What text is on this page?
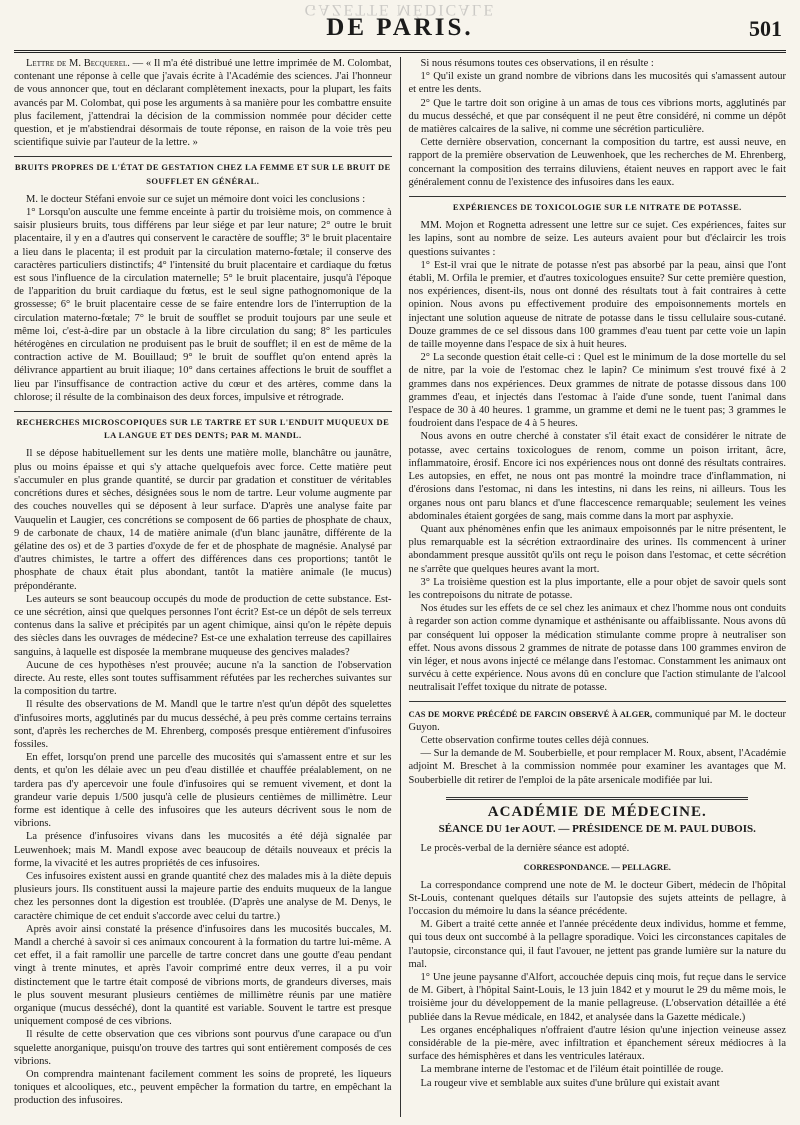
GAZETTE MÉDICALE
DE PARIS.	501

Lettre de M. Becquerel. — « Il m'a été distribué une lettre imprimée de M. Colombat, contenant une réponse à celle que j'avais écrite à l'Académie des sciences. J'ai l'honneur de vous annoncer que, tout en déclarant complètement inexacts, pour la plupart, les faits avancés par M. Colombat, qui pose les arguments à sa manière pour les combattre ensuite plus facilement, j'attendrai la décision de la commission nommée pour décider cette question, et je m'abstiendrai désormais de toute réponse, en raison de la voie très peu scientifique suivie par l'auteur de la lettre. »

BRUITS PROPRES DE L'ÉTAT DE GESTATION CHEZ LA FEMME ET SUR LE BRUIT DE SOUFFLET EN GÉNÉRAL.

M. le docteur Stéfani envoie sur ce sujet un mémoire dont voici les conclusions :

1° Lorsqu'on ausculte une femme enceinte à partir du troisième mois, on commence à saisir plusieurs bruits, tous différens par leur siége et par leur nature; 2° outre le bruit placentaire, il y en a d'autres qui conservent le caractère de souffle; 3° le bruit placentaire a lieu dans le placenta; il est produit par la circulation materno-fœtale; il conserve des caractères particuliers distinctifs; 4° l'intensité du bruit placentaire et cardiaque du fœtus est sous l'influence de la circulation maternelle; 5° le bruit placentaire, jusqu'à l'époque de l'apparition du bruit cardiaque du fœtus, est le seul signe pathognomonique de la grossesse; 6° le bruit placentaire cesse de se faire entendre lors de l'interruption de la circulation materno-fœtale; 7° le bruit de soufflet se produit toujours par une seule et même loi, c'est-à-dire par un obstacle à la libre circulation du sang; 8° les particules hétérogènes en circulation ne produisent pas le bruit de soufflet; il en est de même de la contraction active de M. Bouillaud; 9° le bruit de soufflet qu'on entend après la délivrance appartient au bruit iliaque; 10° dans certaines affections le bruit de soufflet a lieu par l'insuffisance de contraction active du cœur et des artères, comme dans la chlorose; il résulte de la combinaison des deux forces, impulsive et rétrograde.

RECHERCHES MICROSCOPIQUES SUR LE TARTRE ET SUR L'ENDUIT MUQUEUX DE LA LANGUE ET DES DENTS; PAR M. MANDL.

Il se dépose habituellement sur les dents une matière molle, blanchâtre ou jaunâtre, plus ou moins épaisse et qui s'y attache quelquefois avec force. Cette matière peut s'accumuler en plus grande quantité, se durcir par gradation et constituer de véritables concrétions dures et sèches, désignées sous le nom de tartre. Leur volume augmente par des couches nouvelles qui se déposent à leur surface. D'après une analyse faite par Vauquelin et Laugier, ces concrétions se composent de 66 parties de phosphate de chaux, 9 de carbonate de chaux, 14 de matière animale (d'un blanc jaunâtre, différente de la gélatine des os) et de 3 parties d'oxyde de fer et de phosphate de magnésie. Analysé par d'autres chimistes, le tartre a offert des différences dans ces proportions; tantôt le phosphate de chaux était plus abondant, tantôt la matière animale (le mucus) prépondérante.

Les auteurs se sont beaucoup occupés du mode de production de cette substance. Est-ce une sécrétion, ainsi que quelques personnes l'ont écrit? Est-ce un dépôt de sels terreux contenus dans la salive et précipités par un agent chimique, ainsi qu'on le répète depuis des siècles dans les ouvrages de médecine? Est-ce une exhalation terreuse des capillaires sanguins, à laquelle est disposée la membrane muqueuse des gencives malades?

Aucune de ces hypothèses n'est prouvée; aucune n'a la sanction de l'observation directe. Au reste, elles sont toutes suffisamment réfutées par les recherches suivantes sur la composition du tartre.

Il résulte des observations de M. Mandl que le tartre n'est qu'un dépôt des squelettes d'infusoires morts, agglutinés par du mucus desséché, à peu près comme certains terrains sont, d'après les recherches de M. Ehrenberg, composés presque entièrement d'infusoires fossiles.

En effet, lorsqu'on prend une parcelle des mucosités qui s'amassent entre et sur les dents, et qu'on les délaie avec un peu d'eau distillée et chauffée préalablement, on ne tardera pas d'y apercevoir une foule d'infusoires qui se remuent vivement, et dont la grandeur varie depuis 1/500 jusqu'à celle de plusieurs centièmes de millimètre. Leur forme est identique à celle des infusoires que les auteurs décrivent sous le nom de vibrions.

La présence d'infusoires vivans dans les mucosités a été déjà signalée par Leuwenhoek; mais M. Mandl expose avec beaucoup de détails nouveaux et précis la forme, la vivacité et les autres propriétés de ces infusoires.

Ces infusoires existent aussi en grande quantité chez des malades mis à la diète depuis plusieurs jours. Ils constituent aussi la majeure partie des enduits muqueux de la langue chez les personnes dont la digestion est troublée. (D'après une analyse de M. Denys, le caractère chimique de cet enduit s'accorde avec celui du tartre.)

Après avoir ainsi constaté la présence d'infusoires dans les mucosités buccales, M. Mandl a cherché à savoir si ces animaux concourent à la formation du tartre lui-même. A cet effet, il a fait ramollir une parcelle de tartre concret dans une goutte d'eau pendant vingt à trente minutes, et après l'avoir comprimé entre deux verres, il a pu voir distinctement que le tartre était composé de vibrions morts, de grandeurs diverses, mais le plus souvent mesurant plusieurs centièmes de millimètre réunis par une matière organique (mucus desséché), dont la quantité est variable. Souvent le tartre est presque uniquement composé de ces vibrions.

Il résulte de cette observation que ces vibrions sont pourvus d'une carapace ou d'un squelette anorganique, puisqu'on trouve des tartres qui sont entièrement composés de ces vibrions.

On comprendra maintenant facilement comment les soins de propreté, les liqueurs toniques et alcooliques, etc., peuvent empêcher la formation du tartre, en empêchant la production des infusoires.

Si nous résumons toutes ces observations, il en résulte :

1° Qu'il existe un grand nombre de vibrions dans les mucosités qui s'amassent autour et entre les dents.

2° Que le tartre doit son origine à un amas de tous ces vibrions morts, agglutinés par du mucus desséché, et que par conséquent il ne peut être considéré, ni comme un dépôt de matières calcaires de la salive, ni comme une sécrétion particulière.

Cette dernière observation, concernant la composition du tartre, est aussi neuve, en rapport de la première observation de Leuwenhoek, que les recherches de M. Ehrenberg, concernant la composition des terrains diluviens, étaient neuves en rapport avec le fait généralement connu de l'existence des infusoires dans les eaux.

EXPÉRIENCES DE TOXICOLOGIE SUR LE NITRATE DE POTASSE.

MM. Mojon et Rognetta adressent une lettre sur ce sujet. Ces expériences, faites sur les lapins, sont au nombre de seize. Les auteurs avaient pour but d'éclaircir les trois questions suivantes :

1° Est-il vrai que le nitrate de potasse n'est pas absorbé par la peau, ainsi que l'ont établi, M. Orfila le premier, et d'autres toxicologues ensuite? Sur cette première question, nos expériences, disent-ils, nous ont donné des résultats tout à fait contraires à cette opinion. Nous avons pu effectivement produire des empoisonnements mortels en injectant une solution aqueuse de nitrate de potasse dans le tissu cellulaire sous-cutané. Douze grammes de ce sel dissous dans 100 grammes d'eau tuent par cette voie un lapin de taille moyenne dans l'espace de six à huit heures.

2° La seconde question était celle-ci : Quel est le minimum de la dose mortelle du sel de nitre, par la voie de l'estomac chez le lapin? Ce minimum s'est trouvé fixé à 2 grammes dans nos expériences. Deux grammes de nitrate de potasse dissous dans 100 grammes d'eau, et injectés dans l'estomac à l'aide d'une sonde, tuent l'animal dans l'espace de 30 à 40 heures. 1 gramme, un gramme et demi ne le tuent pas; 3 grammes le foudroient dans l'espace de 4 à 5 heures.

Nous avons en outre cherché à constater s'il était exact de considérer le nitrate de potasse, avec certains toxicologues de renom, comme un poison irritant, âcre, inflammatoire, érosif. Encore ici nos expériences nous ont donné des résultats contraires. Les autopsies, en effet, ne nous ont pas montré la moindre trace d'inflammation, ni d'érosions dans l'estomac, ni dans les intestins, ni dans les reins, ni ailleurs. Tous les organes nous ont paru blancs et d'une flaccescence remarquable; seulement les veines abdominales étaient gorgées de sang, mais comme dans la mort par asphyxie.

Quant aux phénomènes enfin que les animaux empoisonnés par le nitre présentent, le plus remarquable est la sécrétion extraordinaire des urines. Ils commencent à uriner abondamment presque aussitôt qu'ils ont reçu le poison dans l'estomac, et cette sécrétion ne s'arrête que quelques heures avant la mort.

3° La troisième question est la plus importante, elle a pour objet de savoir quels sont les contrepoisons du nitrate de potasse.

Nos études sur les effets de ce sel chez les animaux et chez l'homme nous ont conduits à regarder son action comme dynamique et asthénisante ou affaiblissante. Nous avons dû par conséquent lui opposer la médication stimulante comme propre à neutraliser son effet. Nous avons dissous 2 grammes de nitrate de potasse dans 100 grammes environ de vin léger, et nous avons injecté ce mélange dans l'estomac. Constamment les animaux ont survécu à cette expérience. Nous avons dû en conclure que l'action stimulante de l'alcool neutralisait l'effet toxique du nitrate de potasse.

CAS DE MORVE PRÉCÉDÉ DE FARCIN OBSERVÉ À ALGER, communiqué par M. le docteur Guyon.

Cette observation confirme toutes celles déjà connues.

— Sur la demande de M. Souberbielle, et pour remplacer M. Roux, absent, l'Académie adjoint M. Breschet à la commission nommée pour examiner les avantages que M. Souberbielle dit retirer de l'emploi de la pâte arsenicale modifiée par lui.

ACADÉMIE DE MÉDECINE.
SÉANCE DU 1er AOUT. — PRÉSIDENCE DE M. PAUL DUBOIS.

Le procès-verbal de la dernière séance est adopté.

CORRESPONDANCE. — PELLAGRE.

La correspondance comprend une note de M. le docteur Gibert, médecin de l'hôpital St-Louis, contenant quelques détails sur l'autopsie des sujets atteints de pellagre, à l'occasion du mémoire lu dans la séance précédente.

M. Gibert a traité cette année et l'année précédente deux individus, homme et femme, qui tous deux ont succombé à la pellagre sporadique. Voici les circonstances capitales de l'autopsie, circonstance qui, il faut l'avouer, ne jettent pas grande lumière sur la nature du mal.

1° Une jeune paysanne d'Alfort, accouchée depuis cinq mois, fut reçue dans le service de M. Gibert, à l'hôpital Saint-Louis, le 13 juin 1842 et y mourut le 29 du même mois, le troisième jour du développement de la manie pellagreuse. (L'observation détaillée a été publiée dans la Revue médicale, en 1842, et analysée dans la Gazette médicale.)

Les organes encéphaliques n'offraient d'autre lésion qu'une injection veineuse assez considérable de la pie-mère, avec infiltration et épanchement séreux médiocres à la surface des hémisphères et dans les ventricules latéraux.

La membrane interne de l'estomac et de l'iléum était pointillée de rouge.

La rougeur vive et semblable aux suites d'une brûlure qui existait avant
